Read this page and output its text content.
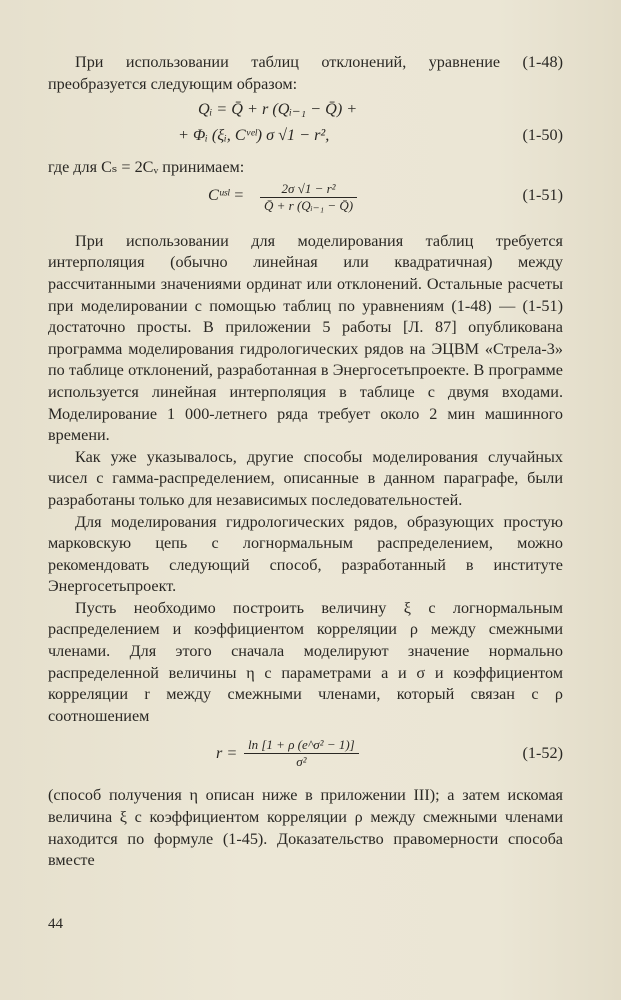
При использовании таблиц отклонений, уравнение (1-48) преобразуется следующим образом:

Qᵢ = Q̄ + r (Qᵢ₋₁ − Q̄) +
+ Φᵢ (ξᵢ, Cᵛᵉˡ) σ √1 − r²,	(1-50)

где для Cₛ = 2Cᵥ принимаем:

Cᵘˢˡ = $\frac{\text{2σ √1 − r²}}{\text{Q̄ + r (Qᵢ₋₁ − Q̄)}}$	(1-51)

При использовании для моделирования таблиц требуется интерполяция (обычно линейная или квадратичная) между рассчитанными значениями ординат или отклонений. Остальные расчеты при моделировании с помощью таблиц по уравнениям (1-48) — (1-51) достаточно просты. В приложении 5 работы [Л. 87] опубликована программа моделирования гидрологических рядов на ЭЦВМ «Стрела-3» по таблице отклонений, разработанная в Энергосетьпроекте. В программе используется линейная интерполяция в таблице с двумя входами. Моделирование 1 000-летнего ряда требует около 2 мин машинного времени.

Как уже указывалось, другие способы моделирования случайных чисел с гамма-распределением, описанные в данном параграфе, были разработаны только для независимых последовательностей.

Для моделирования гидрологических рядов, образующих простую марковскую цепь с логнормальным распределением, можно рекомендовать следующий способ, разработанный в институте Энергосетьпроект.

Пусть необходимо построить величину ξ с логнормальным распределением и коэффициентом корреляции ρ между смежными членами. Для этого сначала моделируют значение нормально распределенной величины η с параметрами a и σ и коэффициентом корреляции r между смежными членами, который связан с ρ соотношением

$r = \frac{\text{ln [1 + ρ (e\textasciicircum{}σ² − 1)]}}{\text{σ²}}$	(1-52)

(способ получения η описан ниже в приложении III); а затем искомая величина ξ с коэффициентом корреляции ρ между смежными членами находится по формуле (1-45). Доказательство правомерности способа вместе

44
